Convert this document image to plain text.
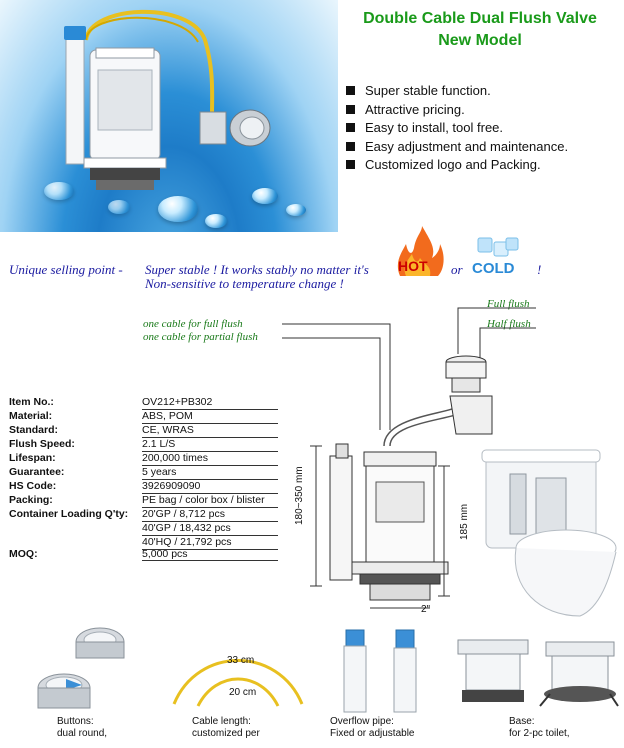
Double Cable Dual Flush Valve
New Model
Super stable function.
Attractive pricing.
Easy to install, tool free.
Easy adjustment and maintenance.
Customized logo and Packing.
Unique selling point - Super stable ! It works stably no matter it's HOT or COLD !
Non-sensitive to temperature change !
Full flush
Half flush
one cable for full flush
one cable for partial flush
180~350 mm	185 mm
2"
Item No.:	OV212+PB302
Material:	ABS, POM
Standard:	CE, WRAS
Flush Speed:	2.1 L/S
Lifespan:	200,000 times
Guarantee:	5 years
HS Code:	3926909090
Packing:	PE bag / color box / blister
Container Loading Q'ty: 20'GP / 8,712 pcs
40'GP / 18,432 pcs
40'HQ / 21,792 pcs
MOQ:	5,000 pcs
Buttons:
dual round,
33 cm
20 cm
Cable length:
customized per
Overflow pipe:
Fixed or adjustable
Base:
for 2-pc toilet,
